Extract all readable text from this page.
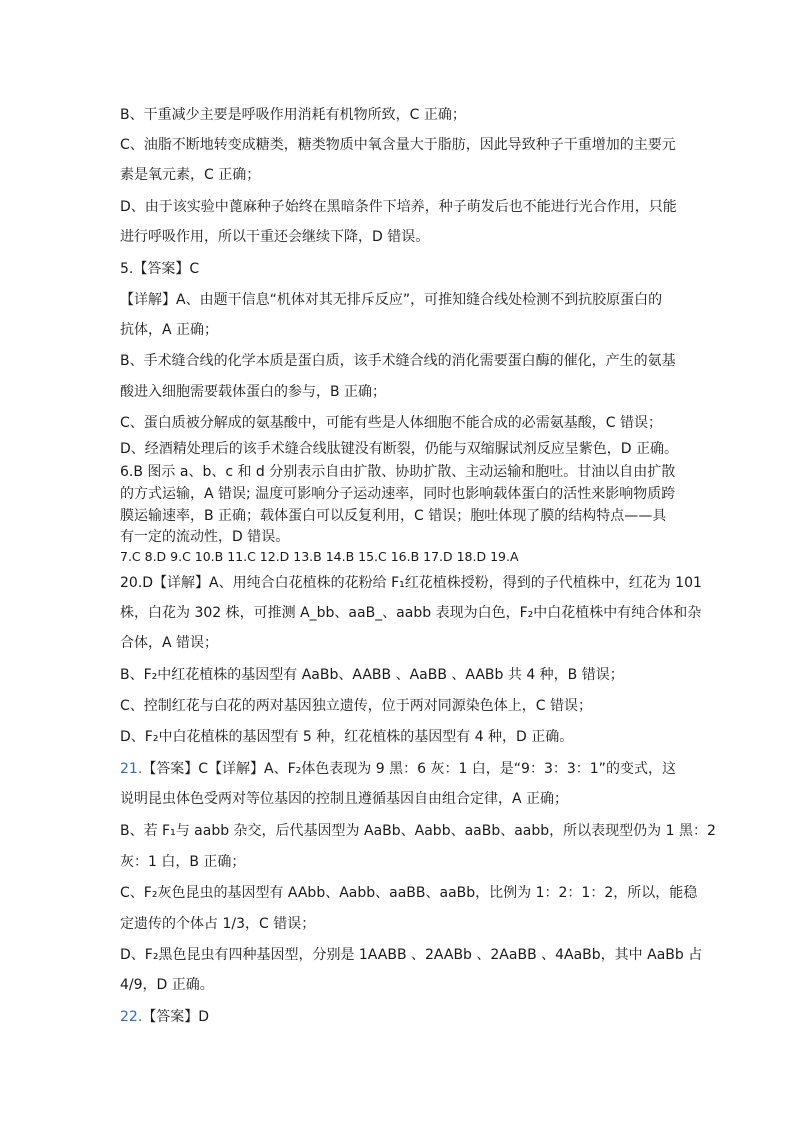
B、干重减少主要是呼吸作用消耗有机物所致，C 正确；
C、油脂不断地转变成糖类，糖类物质中氧含量大于脂肪，因此导致种子干重增加的主要元
素是氧元素，C 正确；
D、由于该实验中蓖麻种子始终在黑暗条件下培养，种子萌发后也不能进行光合作用，只能
进行呼吸作用，所以干重还会继续下降，D 错误。
5.【答案】C
【详解】A、由题干信息“机体对其无排斥反应”，可推知缝合线处检测不到抗胶原蛋白的
抗体，A 正确；
B、手术缝合线的化学本质是蛋白质，该手术缝合线的消化需要蛋白酶的催化，产生的氨基
酸进入细胞需要载体蛋白的参与，B 正确；
C、蛋白质被分解成的氨基酸中，可能有些是人体细胞不能合成的必需氨基酸，C 错误；
D、经酒精处理后的该手术缝合线肽键没有断裂，仍能与双缩脲试剂反应呈紫色，D 正确。
6.B 图示 a、b、c 和 d 分别表示自由扩散、协助扩散、主动运输和胞吐。甘油以自由扩散
的方式运输，A 错误; 温度可影响分子运动速率，同时也影响载体蛋白的活性来影响物质跨
膜运输速率，B 正确；载体蛋白可以反复利用，C 错误；胞吐体现了膜的结构特点——具
有一定的流动性，D 错误。
7.C 8.D 9.C 10.B 11.C 12.D 13.B 14.B 15.C 16.B 17.D 18.D 19.A
20.D【详解】A、用纯合白花植株的花粉给 F₁红花植株授粉，得到的子代植株中，红花为 101
株，白花为 302 株，可推测 A_bb、aaB_、aabb 表现为白色，F₂中白花植株中有纯合体和杂
合体，A 错误；
B、F₂中红花植株的基因型有 AaBb、AABB 、AaBB 、AABb 共 4 种，B 错误；
C、控制红花与白花的两对基因独立遗传，位于两对同源染色体上，C 错误；
D、F₂中白花植株的基因型有 5 种，红花植株的基因型有 4 种，D 正确。
21.【答案】C【详解】A、F₂体色表现为 9 黑：6 灰：1 白，是“9：3：3：1”的变式，这
说明昆虫体色受两对等位基因的控制且遵循基因自由组合定律，A 正确；
B、若 F₁与 aabb 杂交，后代基因型为 AaBb、Aabb、aaBb、aabb，所以表现型仍为 1 黑：2
灰：1 白，B 正确；
C、F₂灰色昆虫的基因型有 AAbb、Aabb、aaBB、aaBb，比例为 1：2：1：2，所以，能稳
定遗传的个体占 1/3，C 错误；
D、F₂黑色昆虫有四种基因型，分别是 1AABB 、2AABb 、2AaBB 、4AaBb，其中 AaBb 占
4/9，D 正确。
22.【答案】D
